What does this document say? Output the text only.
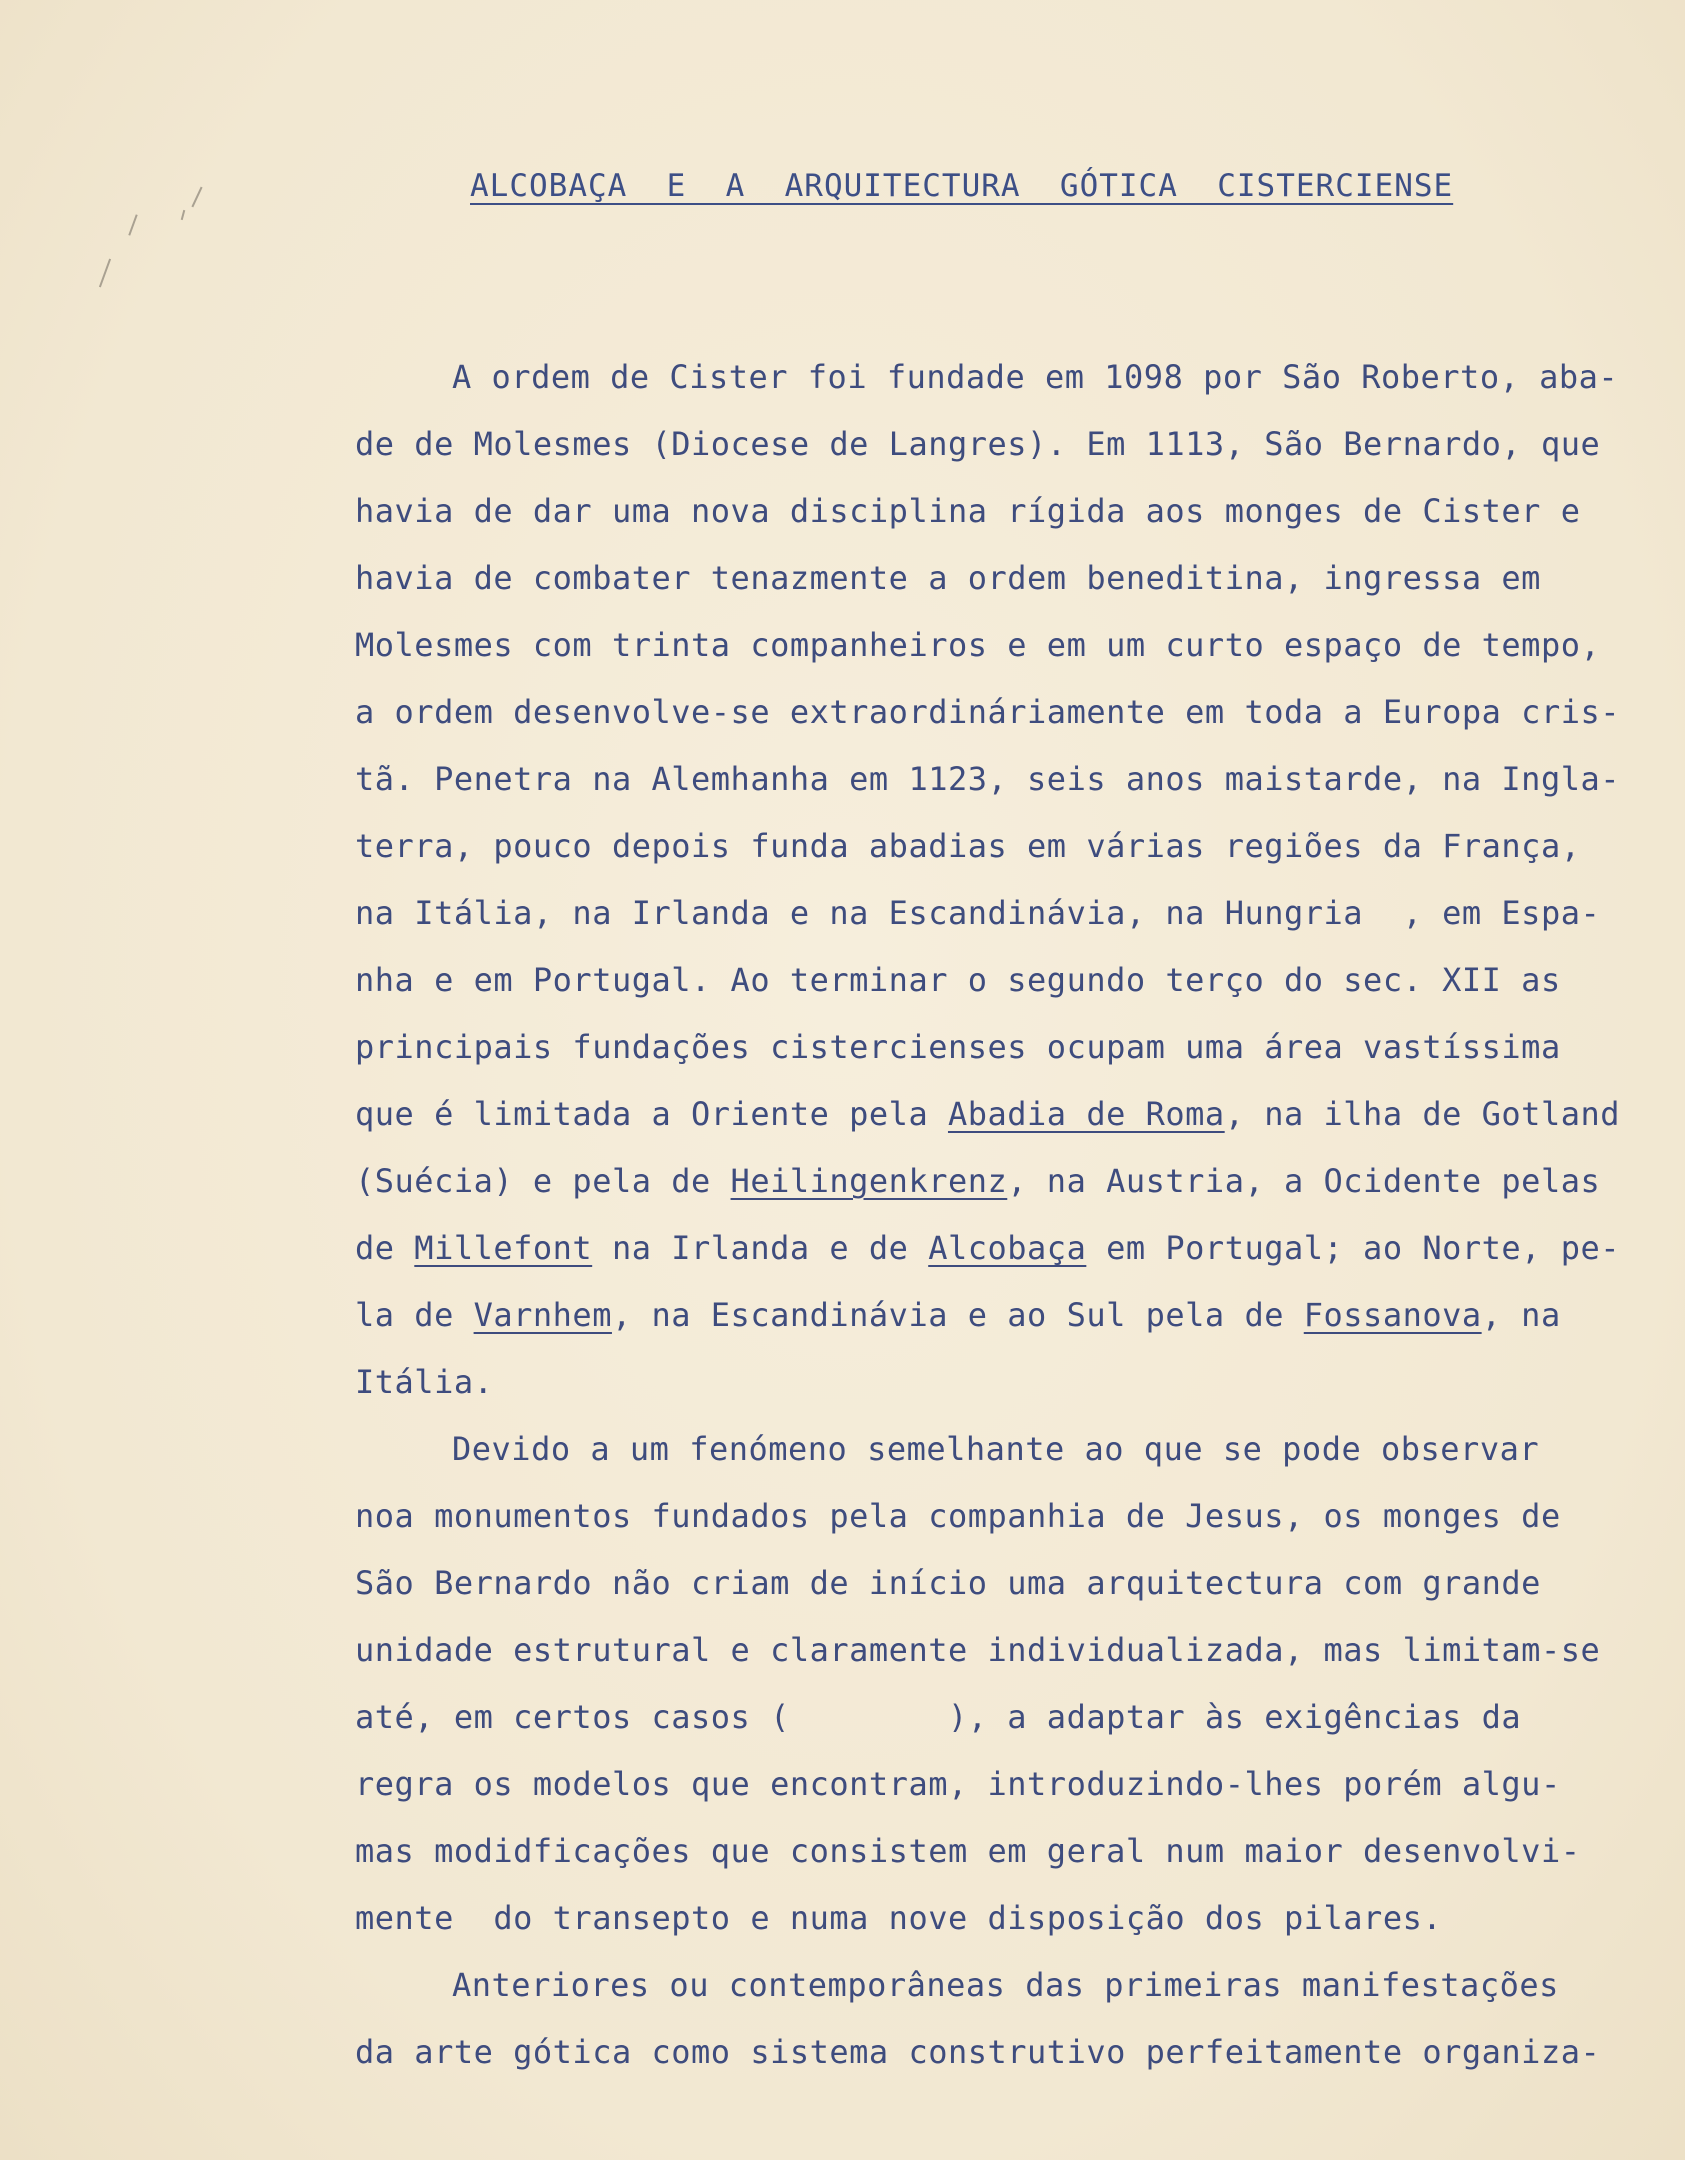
ALCOBAÇA  E  A  ARQUITECTURA  GÓTICA  CISTERCIENSE
A ordem de Cister foi fundade em 1098 por São Roberto, aba-
de de Molesmes (Diocese de Langres). Em 1113, São Bernardo, que
havia de dar uma nova disciplina rígida aos monges de Cister e
havia de combater tenazmente a ordem beneditina, ingressa em
Molesmes com trinta companheiros e em um curto espaço de tempo,
a ordem desenvolve-se extraordináriamente em toda a Europa cris-
tã. Penetra na Alemhanha em 1123, seis anos maistarde, na Ingla-
terra, pouco depois funda abadias em várias regiões da França,
na Itália, na Irlanda e na Escandinávia, na Hungria  , em Espa-
nha e em Portugal. Ao terminar o segundo terço do sec. XII as
principais fundações cistercienses ocupam uma área vastíssima
que é limitada a Oriente pela Abadia de Roma, na ilha de Gotland
(Suécia) e pela de Heilingenkrenz, na Austria, a Ocidente pelas
de Millefont na Irlanda e de Alcobaça em Portugal; ao Norte, pe-
la de Varnhem, na Escandinávia e ao Sul pela de Fossanova, na
Itália.
Devido a um fenómeno semelhante ao que se pode observar
noa monumentos fundados pela companhia de Jesus, os monges de
São Bernardo não criam de início uma arquitectura com grande
unidade estrutural e claramente individualizada, mas limitam-se
até, em certos casos (        ), a adaptar às exigências da
regra os modelos que encontram, introduzindo-lhes porém algu-
mas modidficações que consistem em geral num maior desenvolvi-
mente  do transepto e numa nove disposição dos pilares.
Anteriores ou contemporâneas das primeiras manifestações
da arte gótica como sistema construtivo perfeitamente organiza-
